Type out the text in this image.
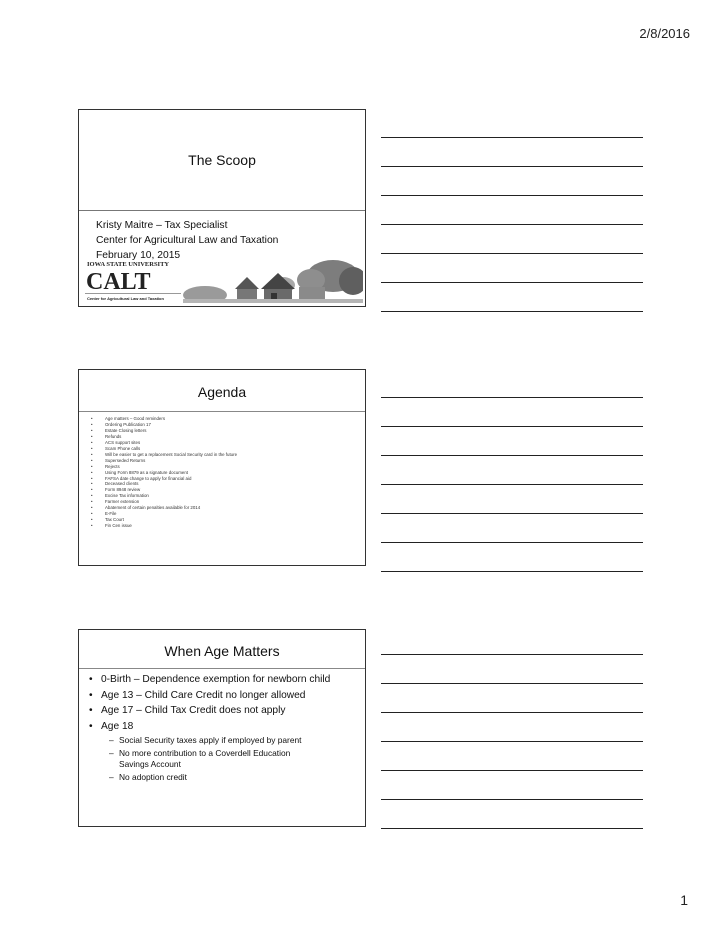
2/8/2016
The Scoop
Kristy Maitre – Tax Specialist
Center for Agricultural Law and Taxation
February 10, 2015
IOWA STATE UNIVERSITY
CALT
Center for Agricultural Law and Taxation
Agenda
• Age matters – Good reminders
• Ordering Publication 17
• Estate Closing letters
• Refunds
• ACS support sites
• Scam Phone calls
• Will be easier to get a replacement Social Security card in the future
• Superseded Returns
• Rejects
• Using Form 8879 as a signature document
• FAFSA date change to apply for financial aid
• Deceased clients
• Form 8948 review
• Excise Tax information
• Farmer extension
• Abatement of certain penalties available for 2014
• E-File
• Tax Court
• Fin Cen issue
When Age Matters
• 0-Birth – Dependence exemption for newborn child
• Age 13 – Child Care Credit no longer allowed
• Age 17 – Child Tax Credit does not apply
• Age 18
– Social Security taxes apply if employed by parent
– No more contribution to a Coverdell Education
Savings Account
– No adoption credit
1
